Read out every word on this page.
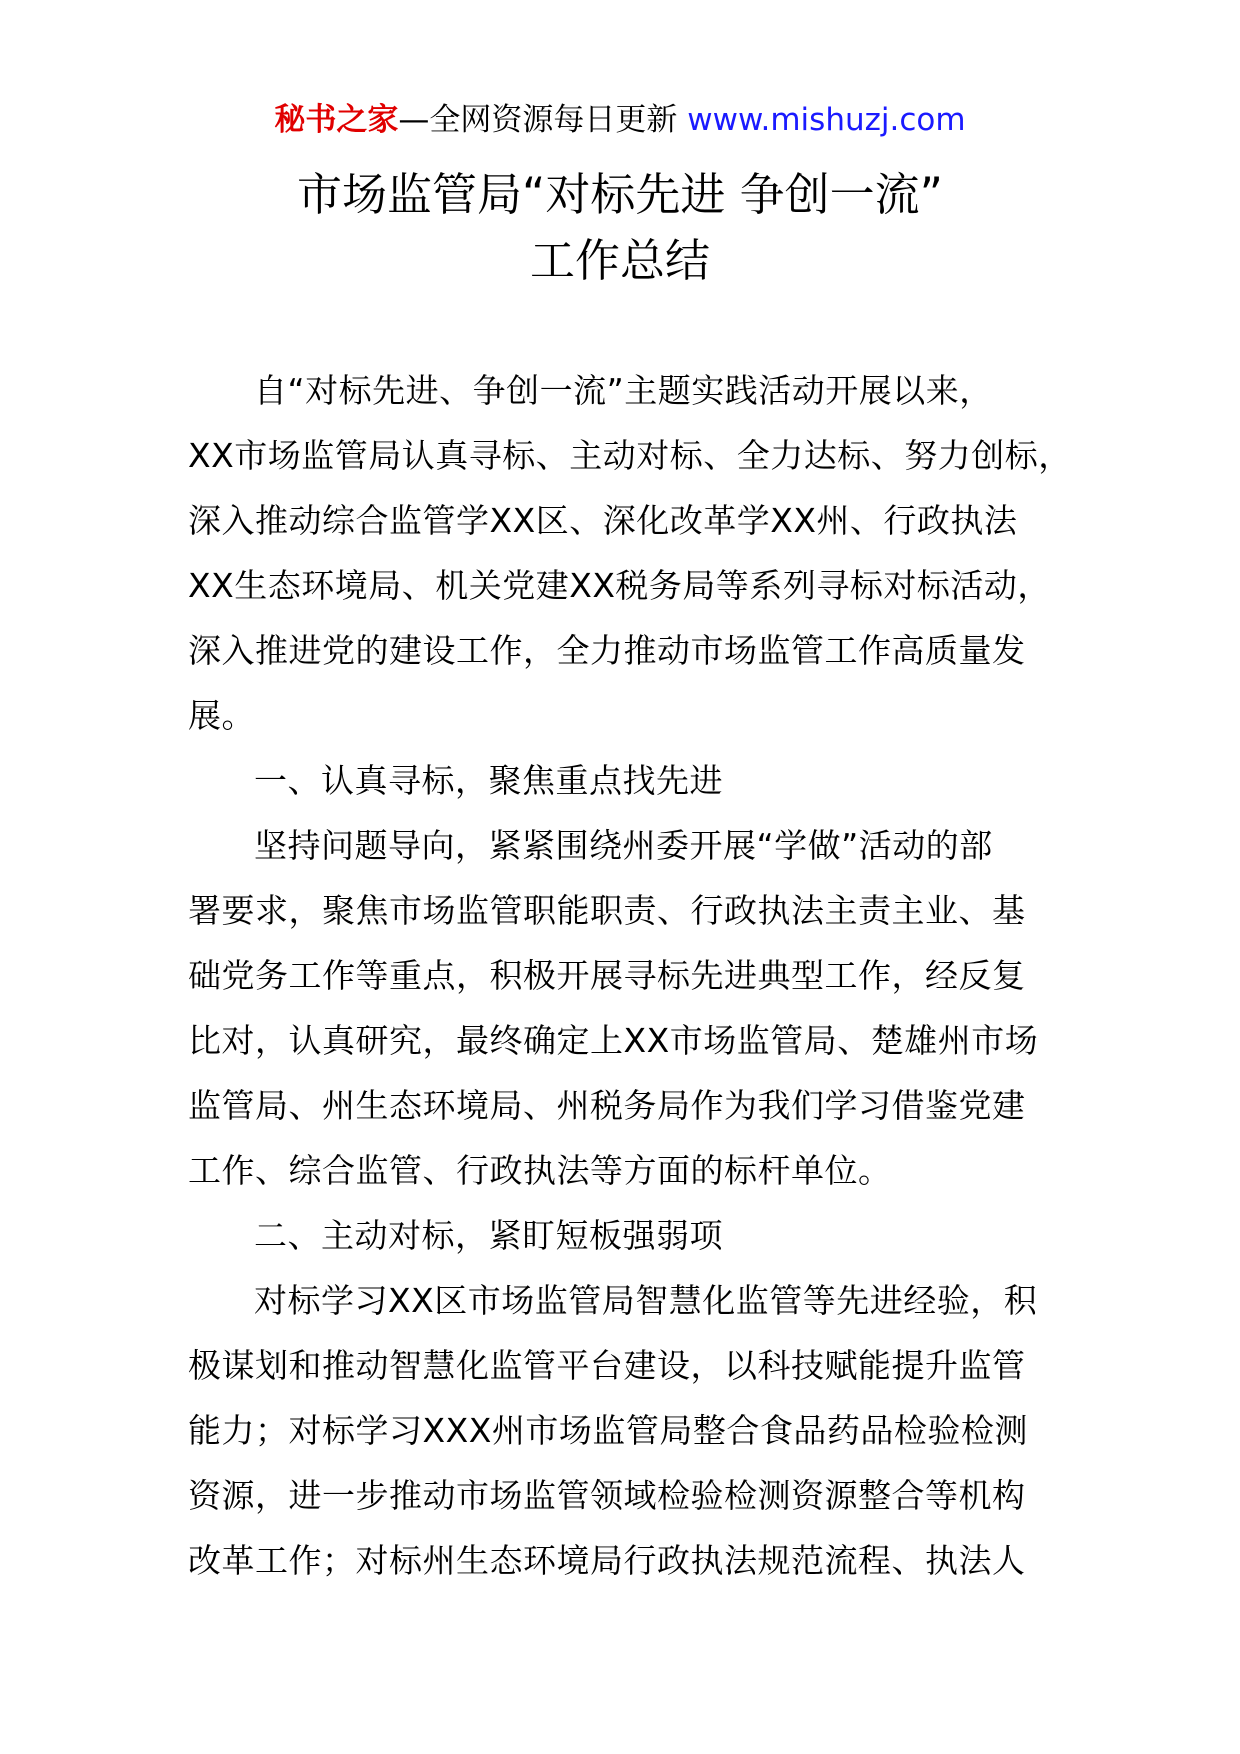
秘书之家—全网资源每日更新 www.mishuzj.com
市场监管局“对标先进 争创一流”
工作总结
自“对标先进、争创一流”主题实践活动开展以来，
XX市场监管局认真寻标、主动对标、全力达标、努力创标，
深入推动综合监管学XX区、深化改革学XX州、行政执法
XX生态环境局、机关党建XX税务局等系列寻标对标活动，
深入推进党的建设工作，全力推动市场监管工作高质量发
展。
一、认真寻标，聚焦重点找先进
坚持问题导向，紧紧围绕州委开展“学做”活动的部
署要求，聚焦市场监管职能职责、行政执法主责主业、基
础党务工作等重点，积极开展寻标先进典型工作，经反复
比对，认真研究，最终确定上XX市场监管局、楚雄州市场
监管局、州生态环境局、州税务局作为我们学习借鉴党建
工作、综合监管、行政执法等方面的标杆单位。
二、主动对标，紧盯短板强弱项
对标学习XX区市场监管局智慧化监管等先进经验，积
极谋划和推动智慧化监管平台建设，以科技赋能提升监管
能力；对标学习XXX州市场监管局整合食品药品检验检测
资源，进一步推动市场监管领域检验检测资源整合等机构
改革工作；对标州生态环境局行政执法规范流程、执法人
